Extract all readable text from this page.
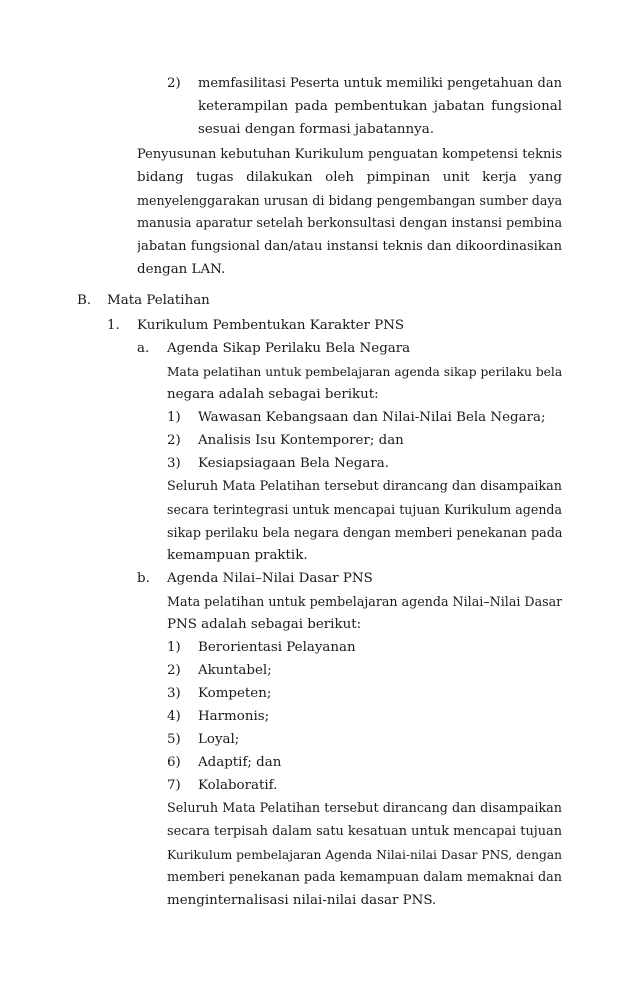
2) memfasilitasi Peserta untuk memiliki pengetahuan dan
keterampilan pada pembentukan jabatan fungsional
sesuai dengan formasi jabatannya.
Penyusunan kebutuhan Kurikulum penguatan kompetensi teknis
bidang tugas dilakukan oleh pimpinan unit kerja yang
menyelenggarakan urusan di bidang pengembangan sumber daya
manusia aparatur setelah berkonsultasi dengan instansi pembina
jabatan fungsional dan/atau instansi teknis dan dikoordinasikan
dengan LAN.
B. Mata Pelatihan
1. Kurikulum Pembentukan Karakter PNS
a. Agenda Sikap Perilaku Bela Negara
Mata pelatihan untuk pembelajaran agenda sikap perilaku bela
negara adalah sebagai berikut:
1) Wawasan Kebangsaan dan Nilai-Nilai Bela Negara;
2) Analisis Isu Kontemporer; dan
3) Kesiapsiagaan Bela Negara.
Seluruh Mata Pelatihan tersebut dirancang dan disampaikan
secara terintegrasi untuk mencapai tujuan Kurikulum agenda
sikap perilaku bela negara dengan memberi penekanan pada
kemampuan praktik.
b. Agenda Nilai–Nilai Dasar PNS
Mata pelatihan untuk pembelajaran agenda Nilai–Nilai Dasar
PNS adalah sebagai berikut:
1) Berorientasi Pelayanan
2) Akuntabel;
3) Kompeten;
4) Harmonis;
5) Loyal;
6) Adaptif; dan
7) Kolaboratif.
Seluruh Mata Pelatihan tersebut dirancang dan disampaikan
secara terpisah dalam satu kesatuan untuk mencapai tujuan
Kurikulum pembelajaran Agenda Nilai-nilai Dasar PNS, dengan
memberi penekanan pada kemampuan dalam memaknai dan
menginternalisasi nilai-nilai dasar PNS.
